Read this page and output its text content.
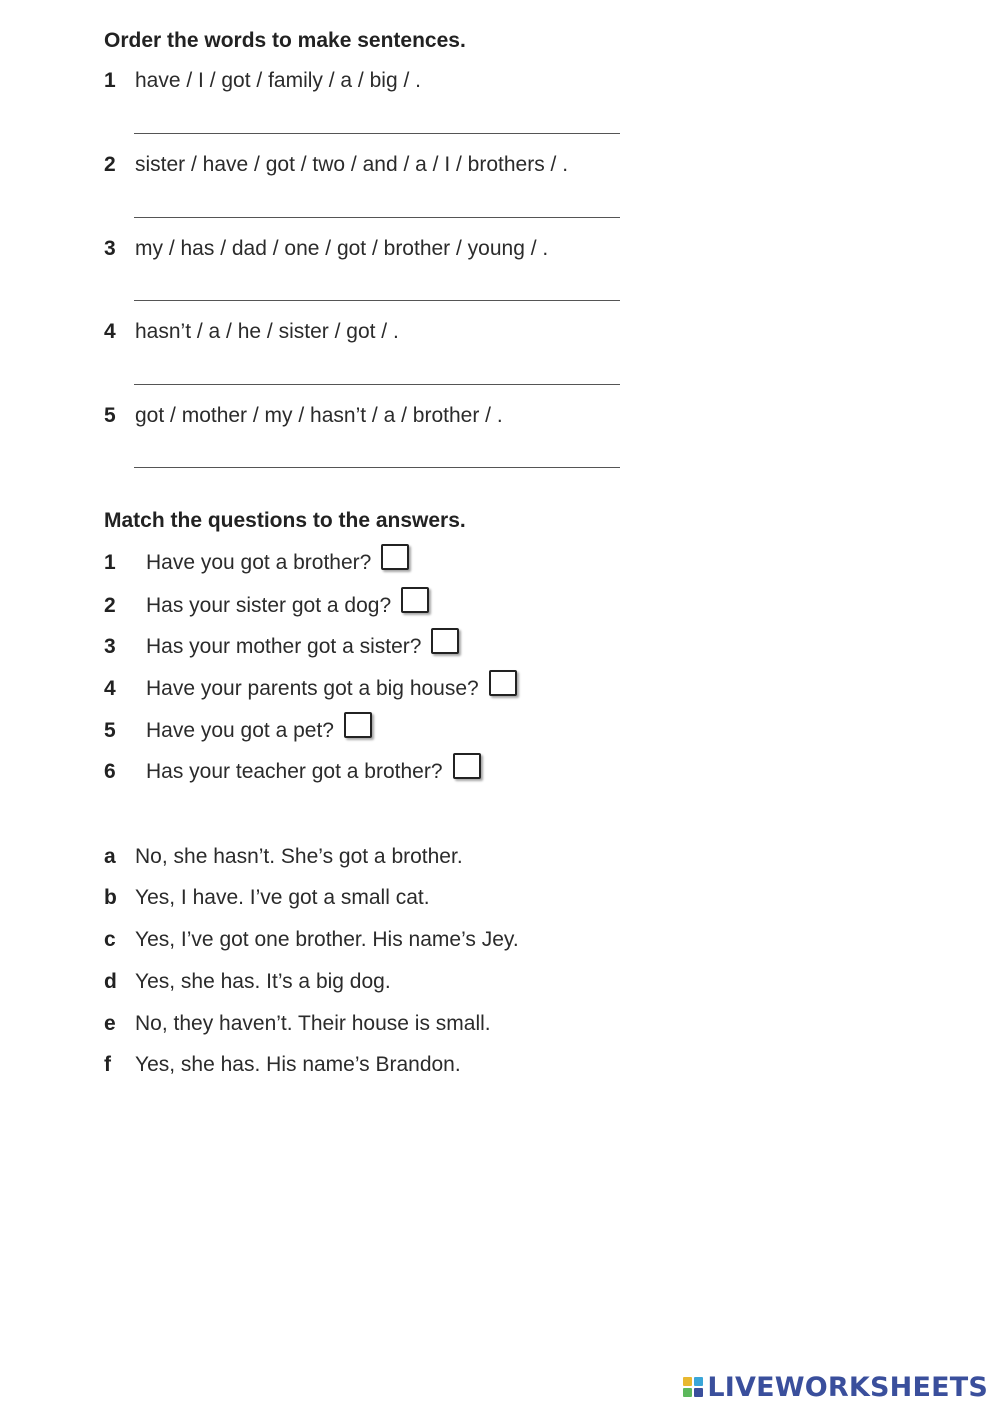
Order the words to make sentences.
1 have / I / got / family / a / big / .
2 sister / have / got / two / and / a / I / brothers / .
3 my / has / dad / one / got / brother / young / .
4 hasn’t / a / he / sister / got / .
5 got / mother / my / hasn’t / a / brother / .
Match the questions to the answers.
1	Have you got a brother?
2	Has your sister got a dog?
3	Has your mother got a sister?
4	Have your parents got a big house?
5	Have you got a pet?
6	Has your teacher got a brother?
a No, she hasn’t. She’s got a brother.
b Yes, I have. I’ve got a small cat.
c Yes, I’ve got one brother. His name’s Jey.
d Yes, she has. It’s a big dog.
e No, they haven’t. Their house is small.
f	Yes, she has. His name’s Brandon.
LIVEWORKSHEETS
